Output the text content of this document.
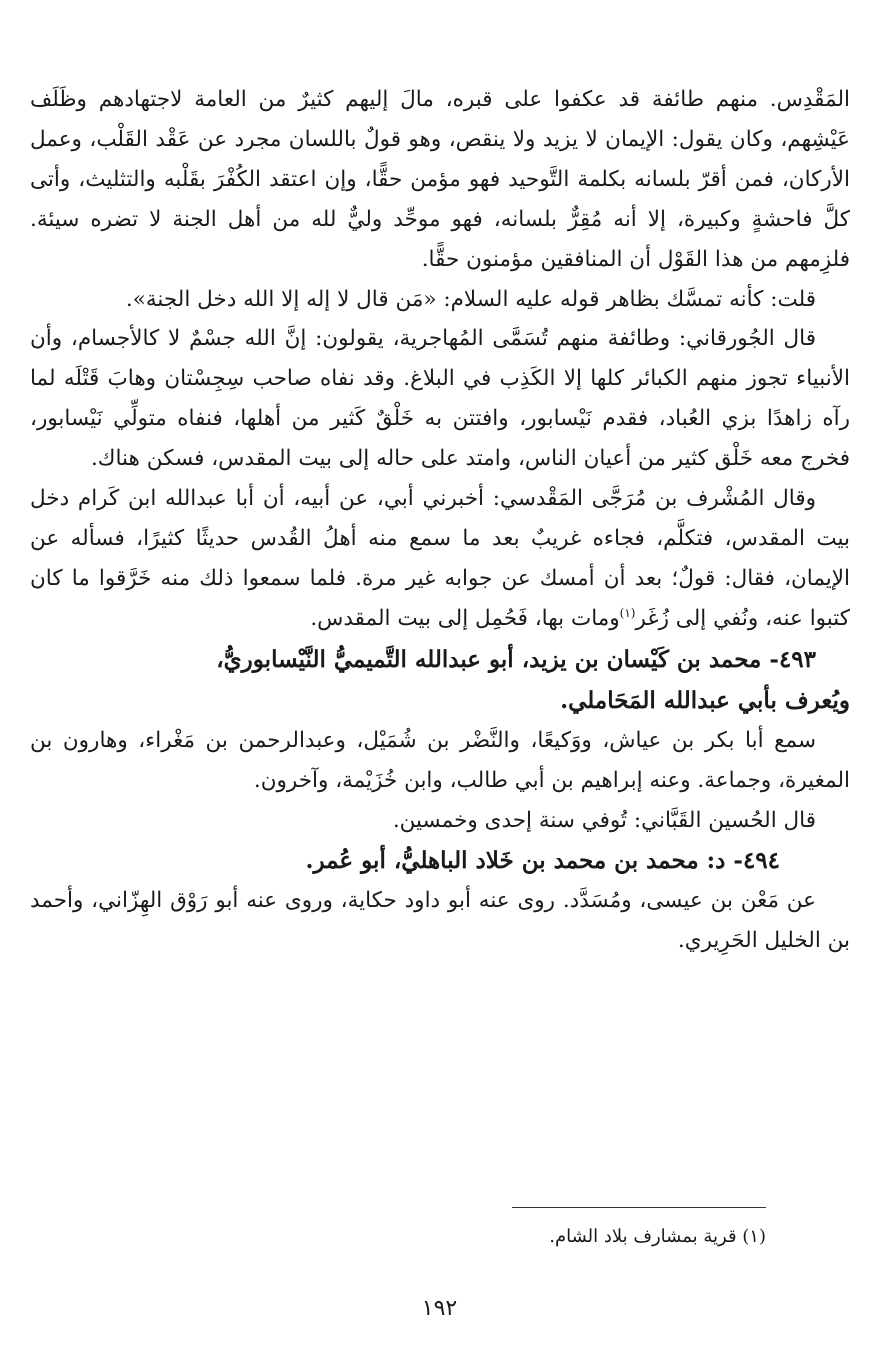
المَقْدِس. منهم طائفة قد عكفوا على قبره، مالَ إليهم كثيرٌ من العامة لاجتهادهم وظَلَف عَيْشِهم، وكان يقول: الإيمان لا يزيد ولا ينقص، وهو قولٌ باللسان مجرد عن عَقْد القَلْب، وعمل الأركان، فمن أقرّ بلسانه بكلمة التَّوحيد فهو مؤمن حقًّا، وإن اعتقد الكُفْرَ بقَلْبه والتثليث، وأتى كلَّ فاحشةٍ وكبيرة، إلا أنه مُقِرٌّ بلسانه، فهو موحِّد وليٌّ لله من أهل الجنة لا تضره سيئة. فلزِمهم من هذا القَوْل أن المنافقين مؤمنون حقًّا.

قلت: كأنه تمسَّك بظاهر قوله عليه السلام: «مَن قال لا إله إلا الله دخل الجنة».

قال الجُورقاني: وطائفة منهم تُسَمَّى المُهاجرية، يقولون: إنَّ الله جسْمٌ لا كالأجسام، وأن الأنبياء تجوز منهم الكبائر كلها إلا الكَذِب في البلاغ. وقد نفاه صاحب سِجِسْتان وهابَ قَتْلَه لما رآه زاهدًا بزي العُباد، فقدم نَيْسابور، وافتتن به خَلْقٌ كَثير من أهلها، فنفاه متولِّي نَيْسابور، فخرج معه خَلْق كثير من أعيان الناس، وامتد على حاله إلى بيت المقدس، فسكن هناك.

وقال المُشْرف بن مُرَجَّى المَقْدسي: أخبرني أبي، عن أبيه، أن أبا عبدالله ابن كَرام دخل بيت المقدس، فتكلَّم، فجاءه غريبٌ بعد ما سمع منه أهلُ القُدس حديثًا كثيرًا، فسأله عن الإيمان، فقال: قولٌ؛ بعد أن أمسك عن جوابه غير مرة. فلما سمعوا ذلك منه خَرَّقوا ما كان كتبوا عنه، ونُفي إلى زُغَر$^{(١)}$ومات بها، فَحُمِل إلى بيت المقدس.

٤٩٣- محمد بن كَيْسان بن يزيد، أبو عبدالله التَّميميُّ النَّيْسابوريُّ،

ويُعرف بأبي عبدالله المَحَاملي.

سمع أبا بكر بن عياش، ووَكيعًا، والنَّضْر بن شُمَيْل، وعبدالرحمن بن مَغْراء، وهارون بن المغيرة، وجماعة. وعنه إبراهيم بن أبي طالب، وابن خُزَيْمة، وآخرون.

قال الحُسين القَبَّاني: تُوفي سنة إحدى وخمسين.

٤٩٤- د: محمد بن محمد بن خَلاد الباهليُّ، أبو عُمر.

عن مَعْن بن عيسى، ومُسَدَّد. روى عنه أبو داود حكاية، وروى عنه أبو رَوْق الهِزّاني، وأحمد بن الخليل الحَرِيري.

(١) قرية بمشارف بلاد الشام.
١٩٢
